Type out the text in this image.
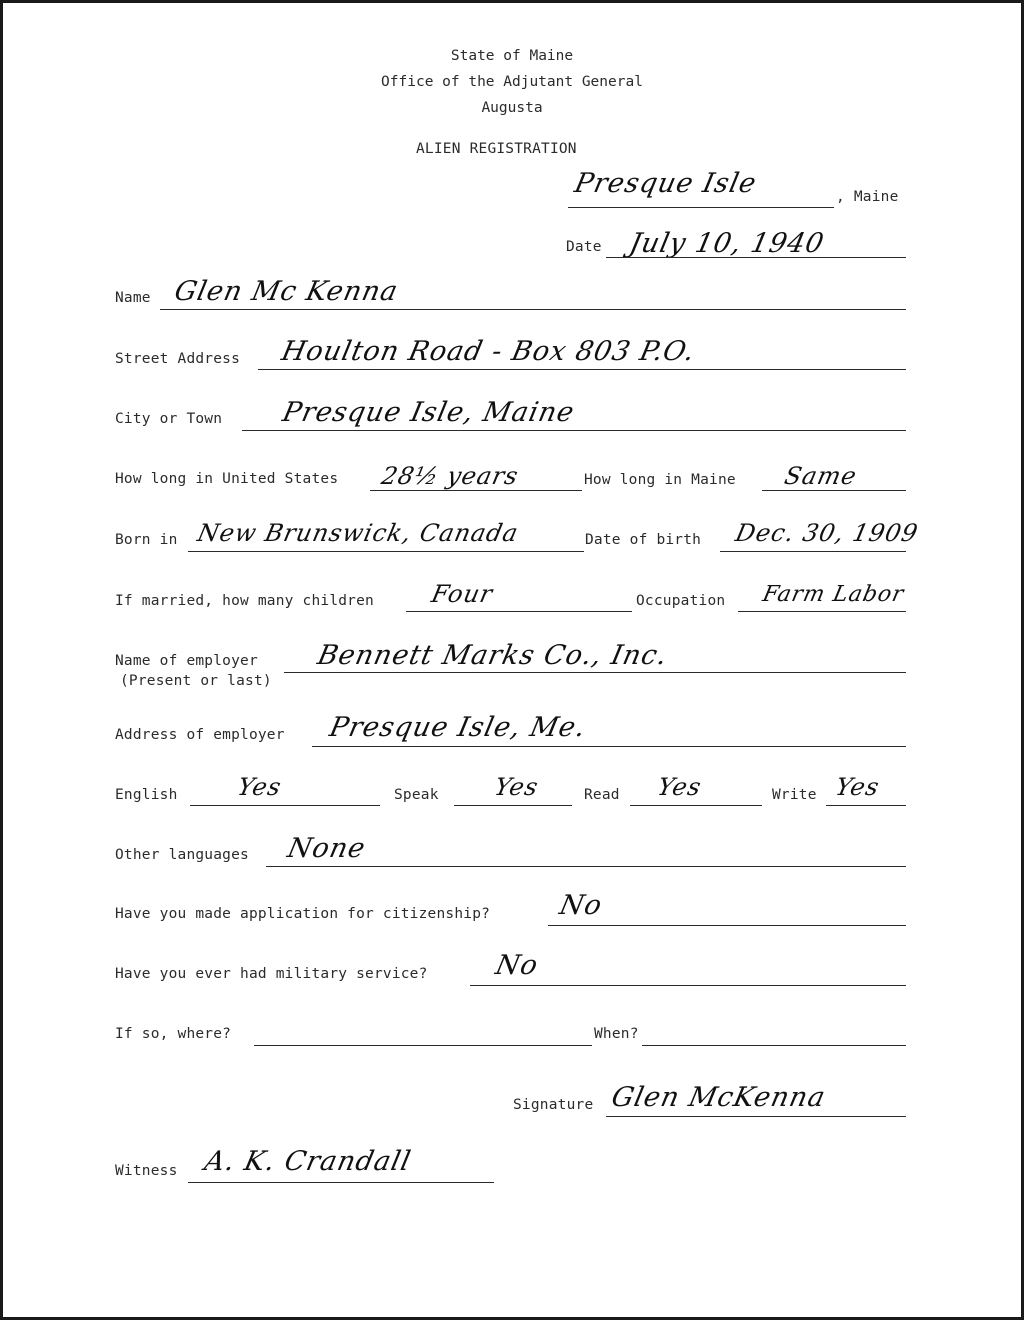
State of Maine
Office of the Adjutant General
Augusta
ALIEN REGISTRATION
Presque Isle	, Maine
Date July 10, 1940
Name Glen Mc Kenna
Street Address Houlton Road - Box 803 P.O.
City or Town Presque Isle, Maine
How long in United States 28½ years	How long in Maine Same
Born in New Brunswick, Canada	Date of birth Dec. 30, 1909
If married, how many children Four	Occupation Farm Labor
Name of employer
(Present or last)
Bennett Marks Co., Inc.
Address of employer Presque Isle, Me.
English Yes	Speak Yes	Read Yes	Write Yes
Other languages None
Have you made application for citizenship? No
Have you ever had military service? No
If so, where?	When?
Signature Glen McKenna
Witness A. K. Crandall
